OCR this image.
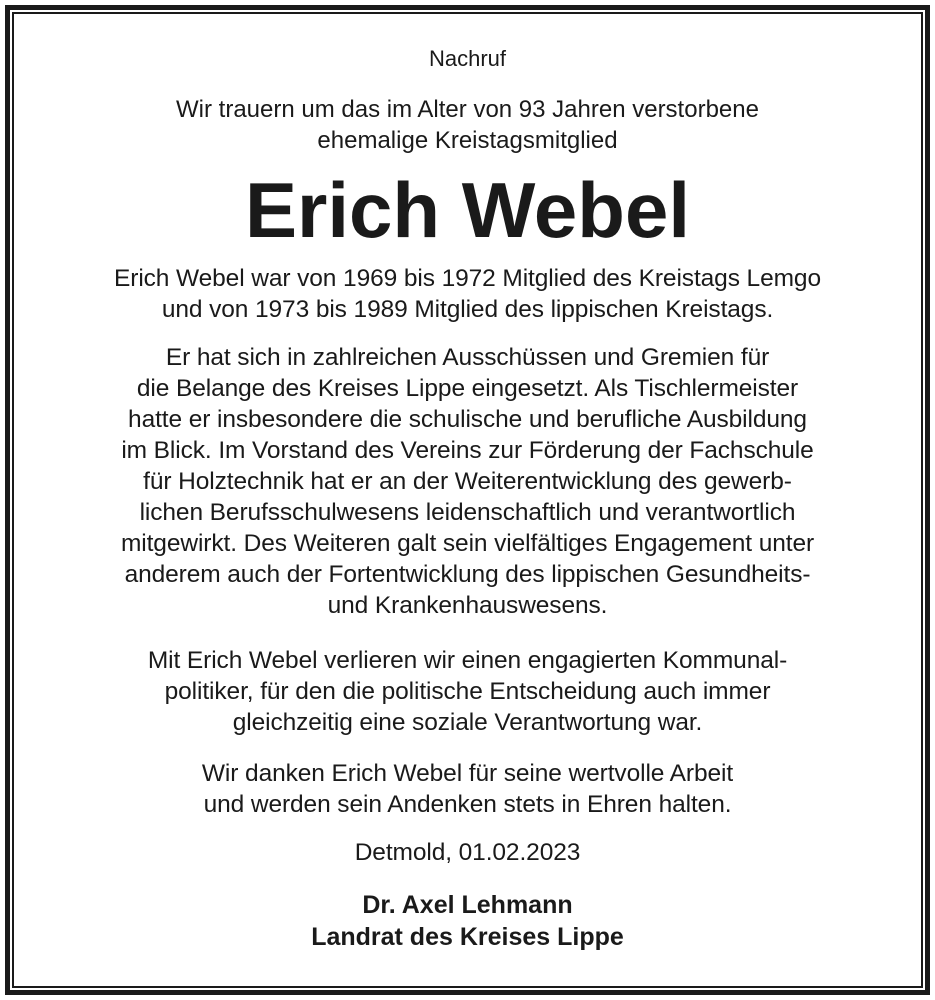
Nachruf
Wir trauern um das im Alter von 93 Jahren verstorbene
ehemalige Kreistagsmitglied
Erich Webel
Erich Webel war von 1969 bis 1972 Mitglied des Kreistags Lemgo
und von 1973 bis 1989 Mitglied des lippischen Kreistags.
Er hat sich in zahlreichen Ausschüssen und Gremien für
die Belange des Kreises Lippe eingesetzt. Als Tischlermeister
hatte er insbesondere die schulische und berufliche Ausbildung
im Blick. Im Vorstand des Vereins zur Förderung der Fachschule
für Holztechnik hat er an der Weiterentwicklung des gewerb-
lichen Berufsschulwesens leidenschaftlich und verantwortlich
mitgewirkt. Des Weiteren galt sein vielfältiges Engagement unter
anderem auch der Fortentwicklung des lippischen Gesundheits-
und Krankenhauswesens.
Mit Erich Webel verlieren wir einen engagierten Kommunal-
politiker, für den die politische Entscheidung auch immer
gleichzeitig eine soziale Verantwortung war.
Wir danken Erich Webel für seine wertvolle Arbeit
und werden sein Andenken stets in Ehren halten.
Detmold, 01.02.2023
Dr. Axel Lehmann
Landrat des Kreises Lippe
